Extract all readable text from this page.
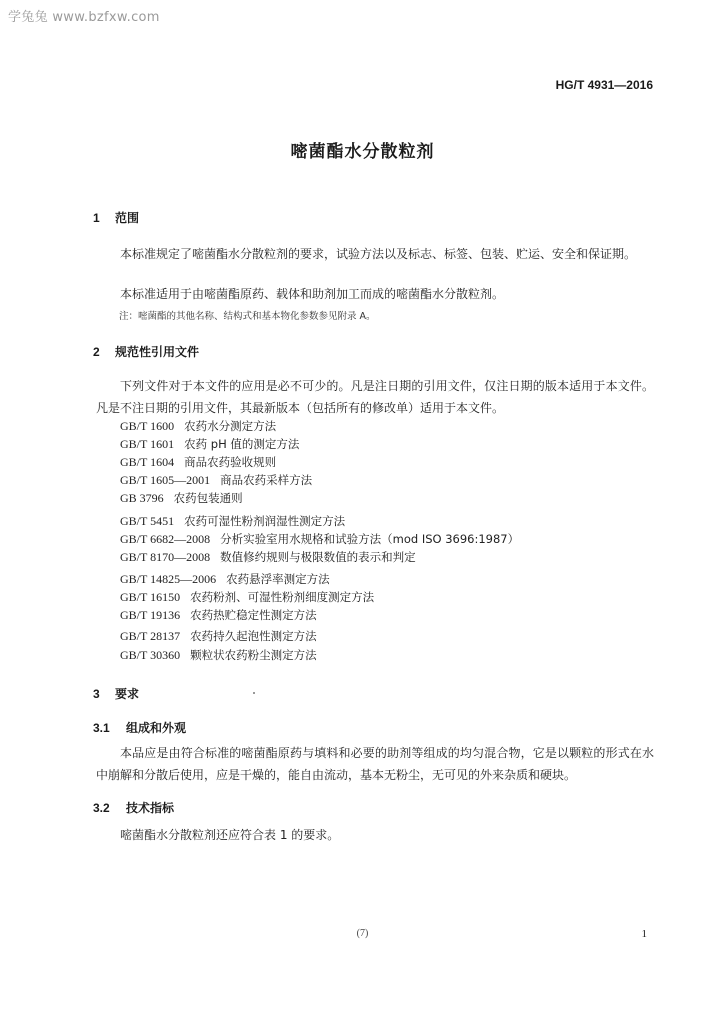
学兔兔 www.bzfxw.com
HG/T 4931—2016
嘧菌酯水分散粒剂
1 范围
本标准规定了嘧菌酯水分散粒剂的要求，试验方法以及标志、标签、包装、贮运、安全和保证期。
本标准适用于由嘧菌酯原药、载体和助剂加工而成的嘧菌酯水分散粒剂。
注：嘧菌酯的其他名称、结构式和基本物化参数参见附录 A。
2 规范性引用文件
下列文件对于本文件的应用是必不可少的。凡是注日期的引用文件，仅注日期的版本适用于本文件。凡是不注日期的引用文件，其最新版本（包括所有的修改单）适用于本文件。
GB/T 1600 农药水分测定方法
GB/T 1601 农药 pH 值的测定方法
GB/T 1604 商品农药验收规则
GB/T 1605—2001 商品农药采样方法
GB 3796 农药包装通则
GB/T 5451 农药可湿性粉剂润湿性测定方法
GB/T 6682—2008 分析实验室用水规格和试验方法（mod ISO 3696:1987）
GB/T 8170—2008 数值修约规则与极限数值的表示和判定
GB/T 14825—2006 农药悬浮率测定方法
GB/T 16150 农药粉剂、可湿性粉剂细度测定方法
GB/T 19136 农药热贮稳定性测定方法
GB/T 28137 农药持久起泡性测定方法
GB/T 30360 颗粒状农药粉尘测定方法
3 要求
3.1 组成和外观
本品应是由符合标准的嘧菌酯原药与填料和必要的助剂等组成的均匀混合物，它是以颗粒的形式在水中崩解和分散后使用，应是干燥的，能自由流动，基本无粉尘，无可见的外来杂质和硬块。
3.2 技术指标
嘧菌酯水分散粒剂还应符合表 1 的要求。
(7)	1
